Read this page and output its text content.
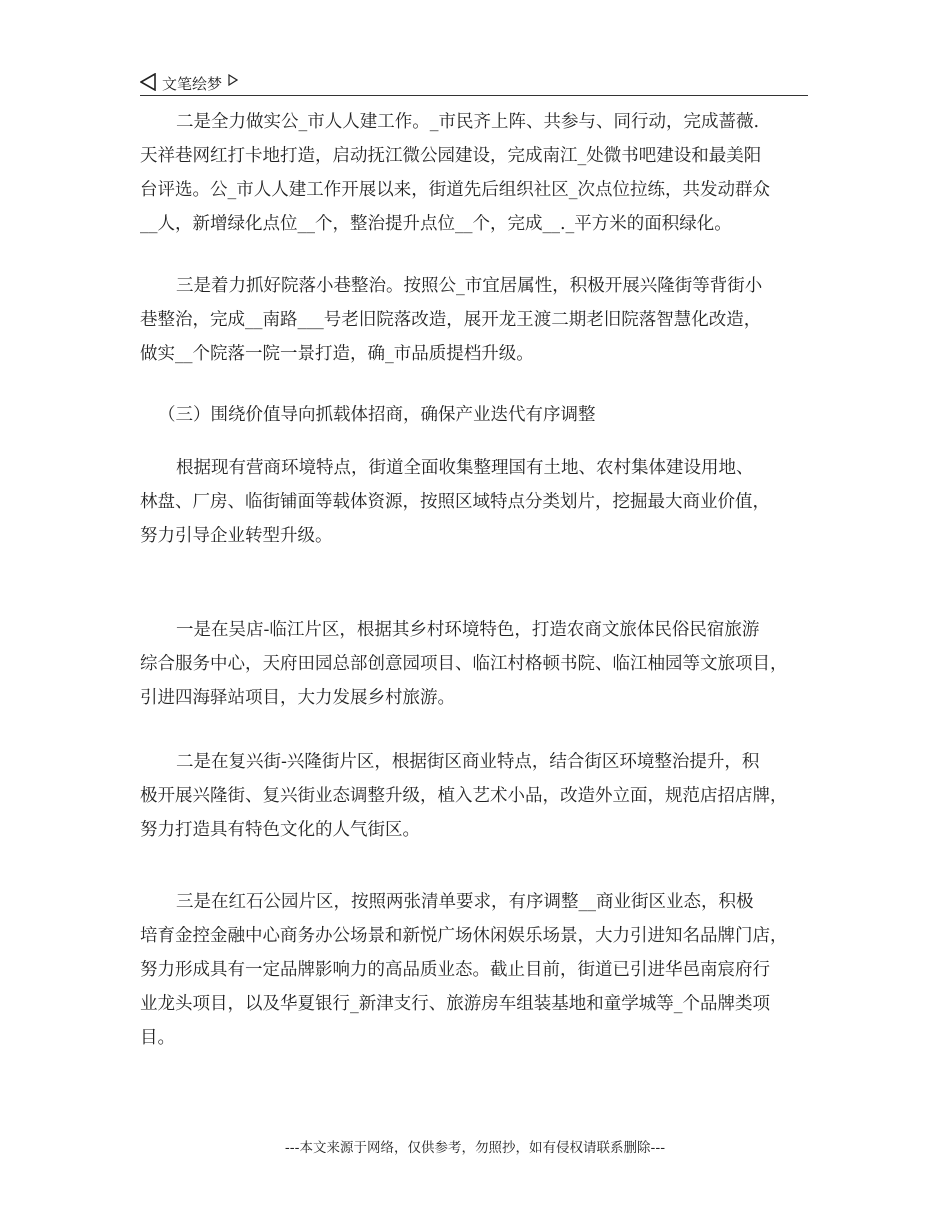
文笔绘梦
二是全力做实公_市人人建工作。_市民齐上阵、共参与、同行动，完成蔷薇.
天祥巷网红打卡地打造，启动抚江微公园建设，完成南江_处微书吧建设和最美阳
台评选。公_市人人建工作开展以来，街道先后组织社区_次点位拉练，共发动群众
__人，新增绿化点位__个，整治提升点位__个，完成__._平方米的面积绿化。
三是着力抓好院落小巷整治。按照公_市宜居属性，积极开展兴隆街等背街小
巷整治，完成__南路___号老旧院落改造，展开龙王渡二期老旧院落智慧化改造，
做实__个院落一院一景打造，确_市品质提档升级。
（三）围绕价值导向抓载体招商，确保产业迭代有序调整
根据现有营商环境特点，街道全面收集整理国有土地、农村集体建设用地、
林盘、厂房、临街铺面等载体资源，按照区域特点分类划片，挖掘最大商业价值，
努力引导企业转型升级。
一是在吴店-临江片区，根据其乡村环境特色，打造农商文旅体民俗民宿旅游
综合服务中心，天府田园总部创意园项目、临江村格顿书院、临江柚园等文旅项目，
引进四海驿站项目，大力发展乡村旅游。
二是在复兴街-兴隆街片区，根据街区商业特点，结合街区环境整治提升，积
极开展兴隆街、复兴街业态调整升级，植入艺术小品，改造外立面，规范店招店牌，
努力打造具有特色文化的人气街区。
三是在红石公园片区，按照两张清单要求，有序调整__商业街区业态，积极
培育金控金融中心商务办公场景和新悦广场休闲娱乐场景，大力引进知名品牌门店，
努力形成具有一定品牌影响力的高品质业态。截止目前，街道已引进华邑南宸府行
业龙头项目，以及华夏银行_新津支行、旅游房车组装基地和童学城等_个品牌类项
目。
---本文来源于网络，仅供参考，勿照抄，如有侵权请联系删除---
